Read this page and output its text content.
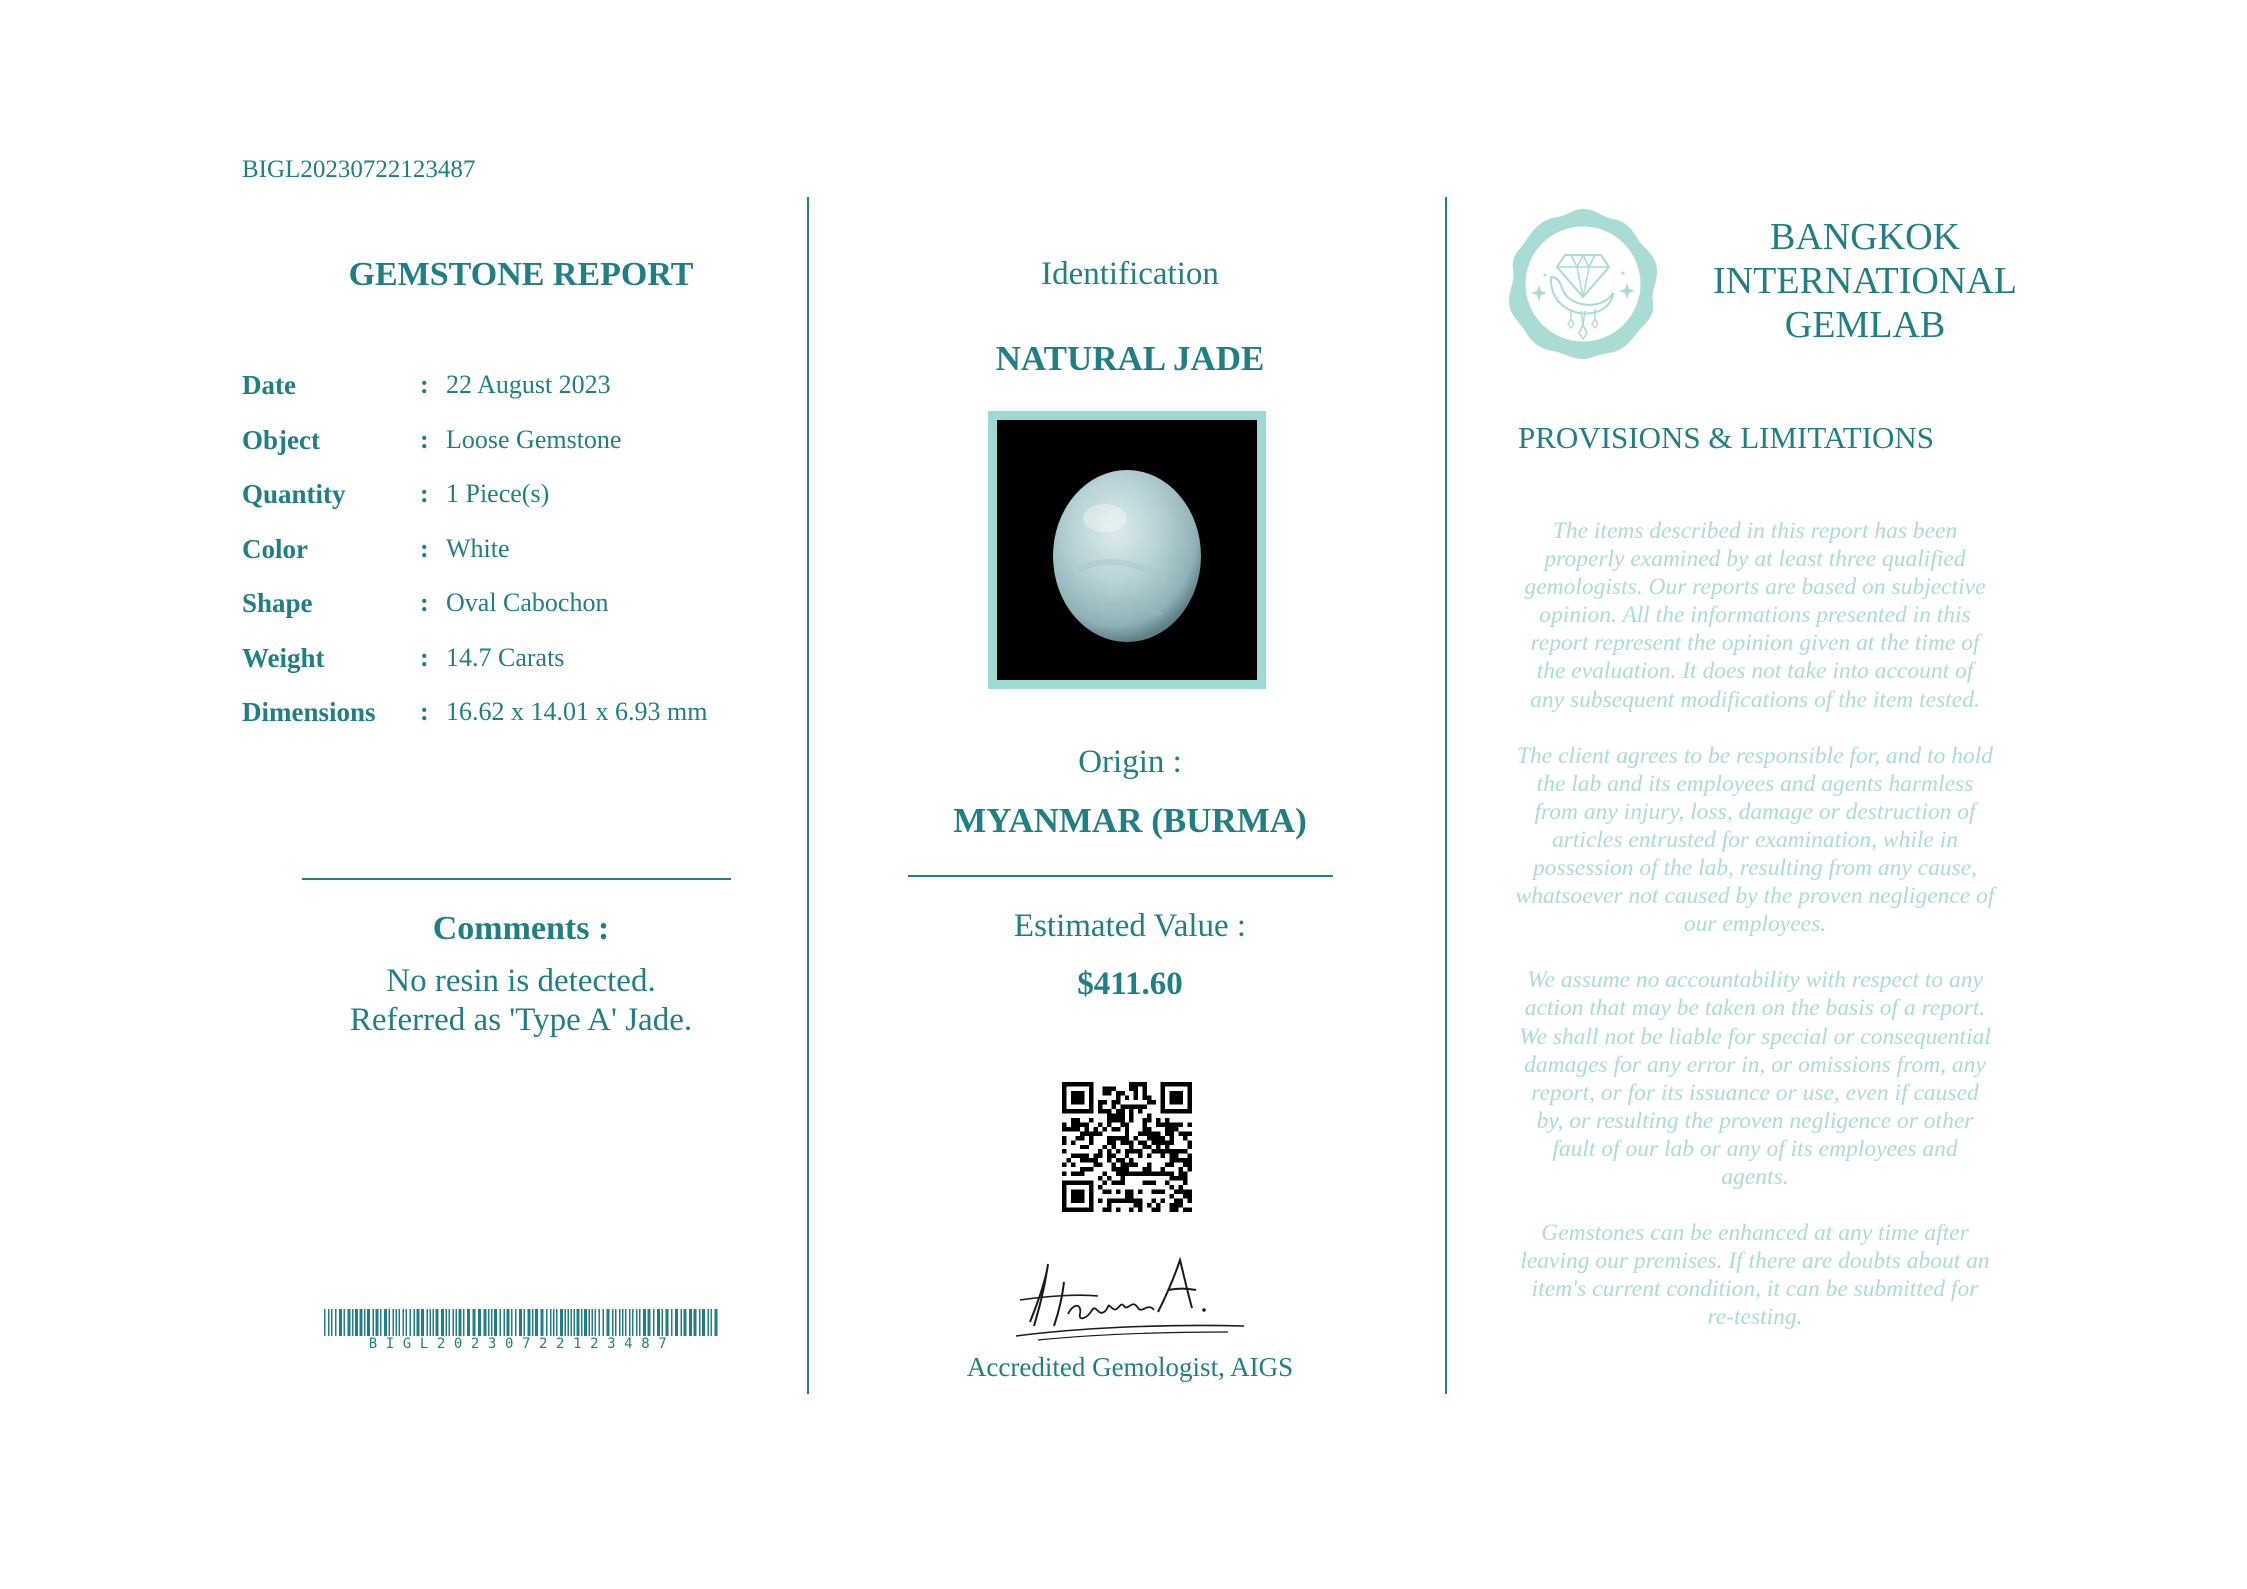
BIGL20230722123487
GEMSTONE REPORT
Date	: 22 August 2023
Object	: Loose Gemstone
Quantity	: 1 Piece(s)
Color	: White
Shape	: Oval Cabochon
Weight	: 14.7 Carats
Dimensions : 16.62 x 14.01 x 6.93 mm
Comments :
No resin is detected.
Referred as 'Type A' Jade.
BIGL20230722123487
Identification
NATURAL JADE
Origin :
MYANMAR (BURMA)
Estimated Value :
$411.60
Accredited Gemologist, AIGS
BANGKOK
INTERNATIONAL
GEMLAB
PROVISIONS & LIMITATIONS
The items described in this report has been
properly examined by at least three qualified
gemologists. Our reports are based on subjective
opinion. All the informations presented in this
report represent the opinion given at the time of
the evaluation. It does not take into account of
any subsequent modifications of the item tested.
The client agrees to be responsible for, and to hold
the lab and its employees and agents harmless
from any injury, loss, damage or destruction of
articles entrusted for examination, while in
possession of the lab, resulting from any cause,
whatsoever not caused by the proven negligence of
our employees.
We assume no accountability with respect to any
action that may be taken on the basis of a report.
We shall not be liable for special or consequential
damages for any error in, or omissions from, any
report, or for its issuance or use, even if caused
by, or resulting the proven negligence or other
fault of our lab or any of its employees and
agents.
Gemstones can be enhanced at any time after
leaving our premises. If there are doubts about an
item's current condition, it can be submitted for
re-testing.
